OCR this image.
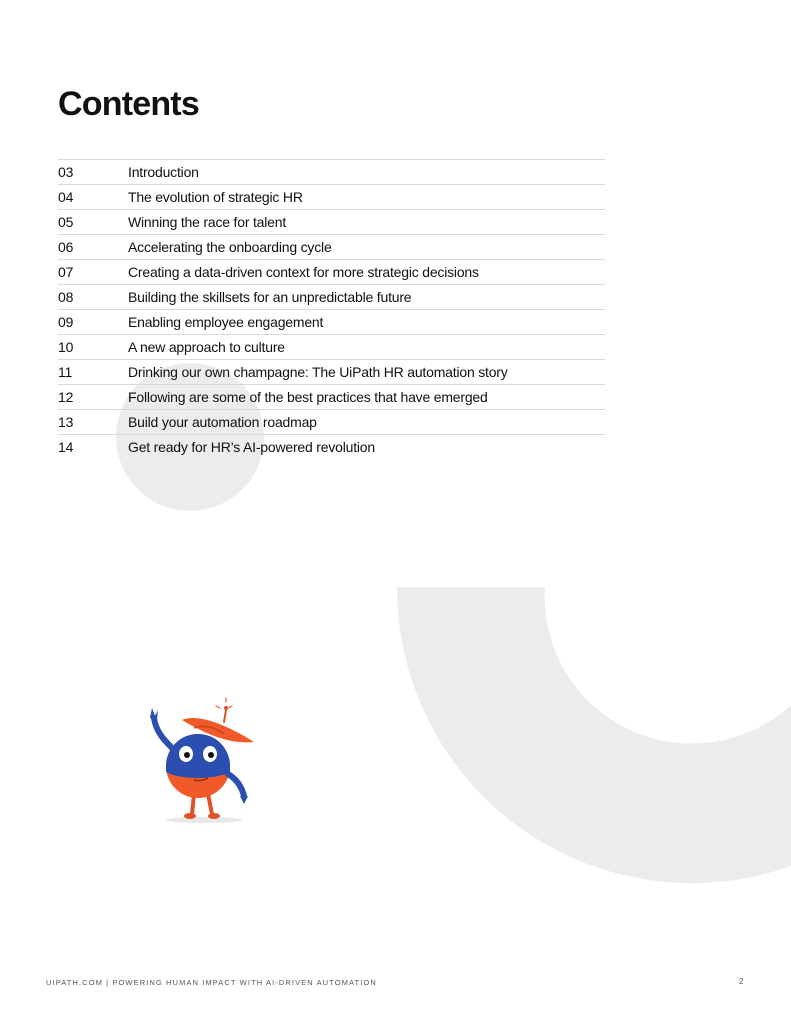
Contents
03	Introduction
04	The evolution of strategic HR
05	Winning the race for talent
06	Accelerating the onboarding cycle
07	Creating a data-driven context for more strategic decisions
08	Building the skillsets for an unpredictable future
09	Enabling employee engagement
10	A new approach to culture
11	Drinking our own champagne: The UiPath HR automation story
12	Following are some of the best practices that have emerged
13	Build your automation roadmap
14	Get ready for HR’s AI-powered revolution
UIPATH.COM | POWERING HUMAN IMPACT WITH AI-DRIVEN AUTOMATION	2
